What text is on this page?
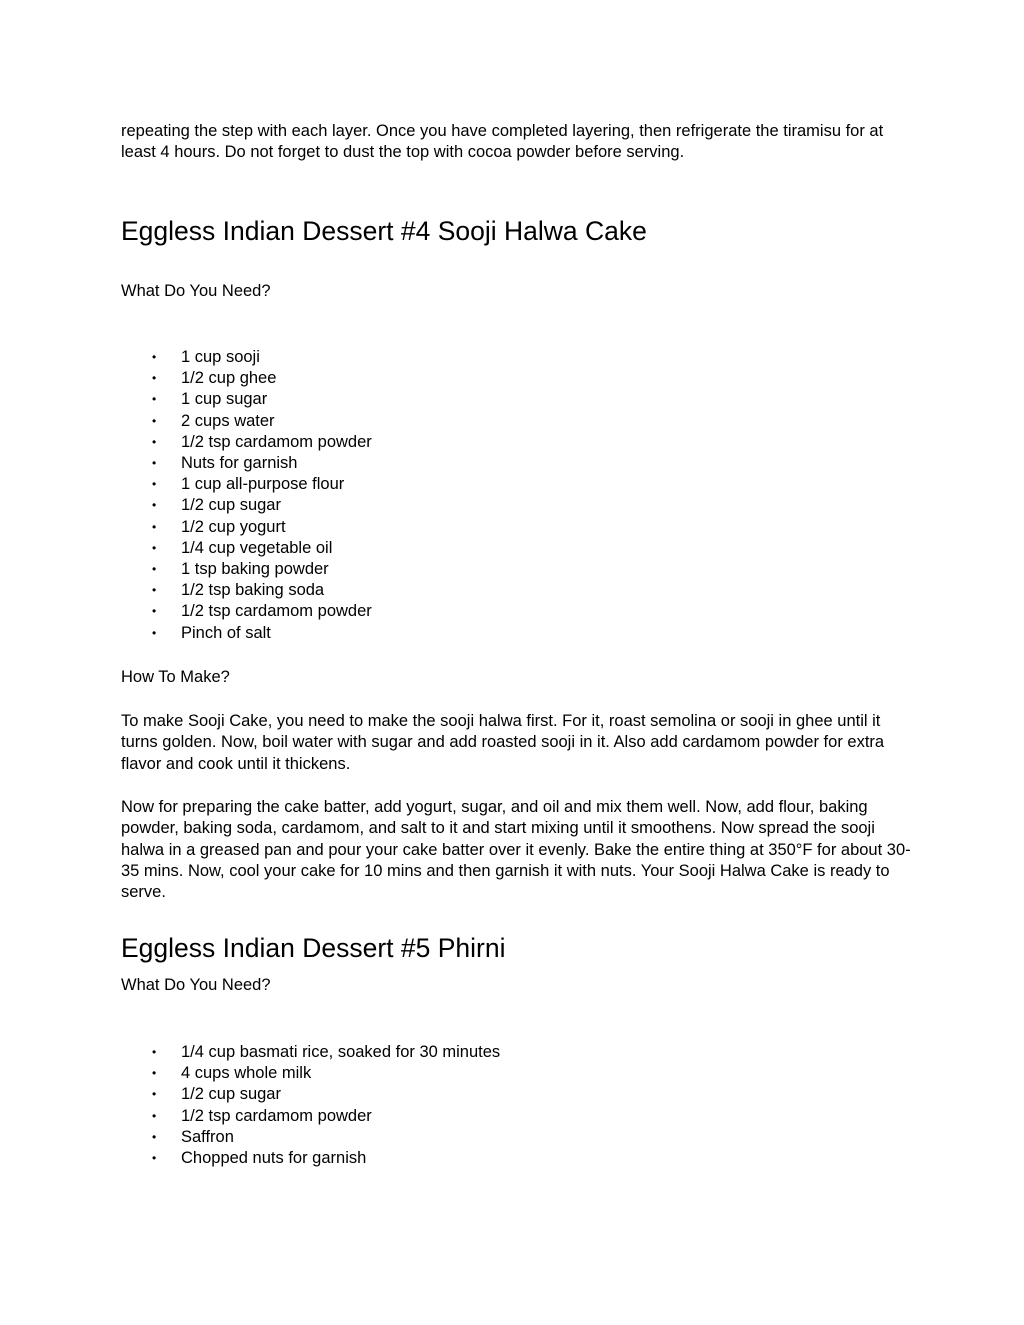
repeating the step with each layer. Once you have completed layering, then refrigerate the tiramisu for at least 4 hours. Do not forget to dust the top with cocoa powder before serving.

Eggless Indian Dessert #4 Sooji Halwa Cake

What Do You Need?

• 1 cup sooji
• 1/2 cup ghee
• 1 cup sugar
• 2 cups water
• 1/2 tsp cardamom powder
• Nuts for garnish
• 1 cup all-purpose flour
• 1/2 cup sugar
• 1/2 cup yogurt
• 1/4 cup vegetable oil
• 1 tsp baking powder
• 1/2 tsp baking soda
• 1/2 tsp cardamom powder
• Pinch of salt

How To Make?

To make Sooji Cake, you need to make the sooji halwa first. For it, roast semolina or sooji in ghee until it turns golden. Now, boil water with sugar and add roasted sooji in it. Also add cardamom powder for extra flavor and cook until it thickens.

Now for preparing the cake batter, add yogurt, sugar, and oil and mix them well. Now, add flour, baking powder, baking soda, cardamom, and salt to it and start mixing until it smoothens. Now spread the sooji halwa in a greased pan and pour your cake batter over it evenly. Bake the entire thing at 350°F for about 30-35 mins. Now, cool your cake for 10 mins and then garnish it with nuts. Your Sooji Halwa Cake is ready to serve.

Eggless Indian Dessert #5 Phirni

What Do You Need?

• 1/4 cup basmati rice, soaked for 30 minutes
• 4 cups whole milk
• 1/2 cup sugar
• 1/2 tsp cardamom powder
• Saffron
• Chopped nuts for garnish
